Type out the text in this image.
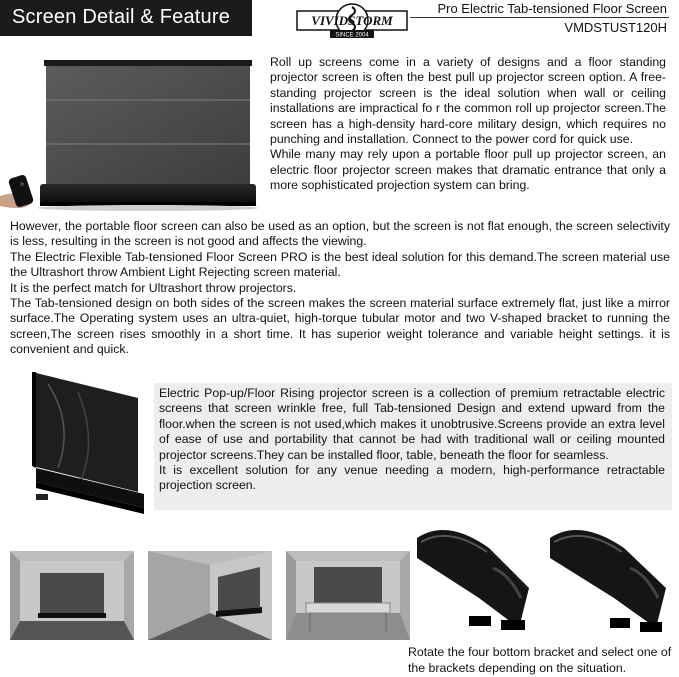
Screen Detail & Feature	VIVIDSTORM
SINCE 2004
Pro Electric Tab-tensioned Floor Screen
VMDSTUST120H

Roll up screens come in a variety of designs and a floor standing projector screen is often the best pull up projector screen option. A free-standing projector screen is the ideal solution when wall or ceiling installations are impractical fo r the common roll up projector screen.The screen has a high-density hard-core military design, which requires no punching and installation. Connect to the power cord for quick use.

While many may rely upon a portable floor pull up projector screen, an electric floor projector screen makes that dramatic entrance that only a more sophisticated projection system can bring.

However, the portable floor screen can also be used as an option, but the screen is not flat enough, the screen selectivity is less, resulting in the screen is not good and affects the viewing.

The Electric Flexible Tab-tensioned Floor Screen PRO is the best ideal solution for this demand.The screen material use the Ultrashort throw Ambient Light Rejecting screen material.

It is the perfect match for Ultrashort throw projectors.

The Tab-tensioned design on both sides of the screen makes the screen material surface extremely flat, just like a mirror surface.The Operating system uses an ultra-quiet, high-torque tubular motor and two V-shaped bracket to running the screen,The screen rises smoothly in a short time. It has superior weight tolerance and variable height settings. it is convenient and quick.

Electric Pop-up/Floor Rising projector screen is a collection of premium retractable electric screens that screen wrinkle free, full Tab-tensioned Design and extend upward from the floor.when the screen is not used,which makes it unobtrusive.Screens provide an extra level of ease of use and portability that cannot be had with traditional wall or ceiling mounted projector screens.They can be installed floor, table, beneath the floor for seamless.

It is excellent solution for any venue needing a modern, high-performance retractable projection screen.

Rotate the four bottom bracket and select one of the brackets depending on the situation.
